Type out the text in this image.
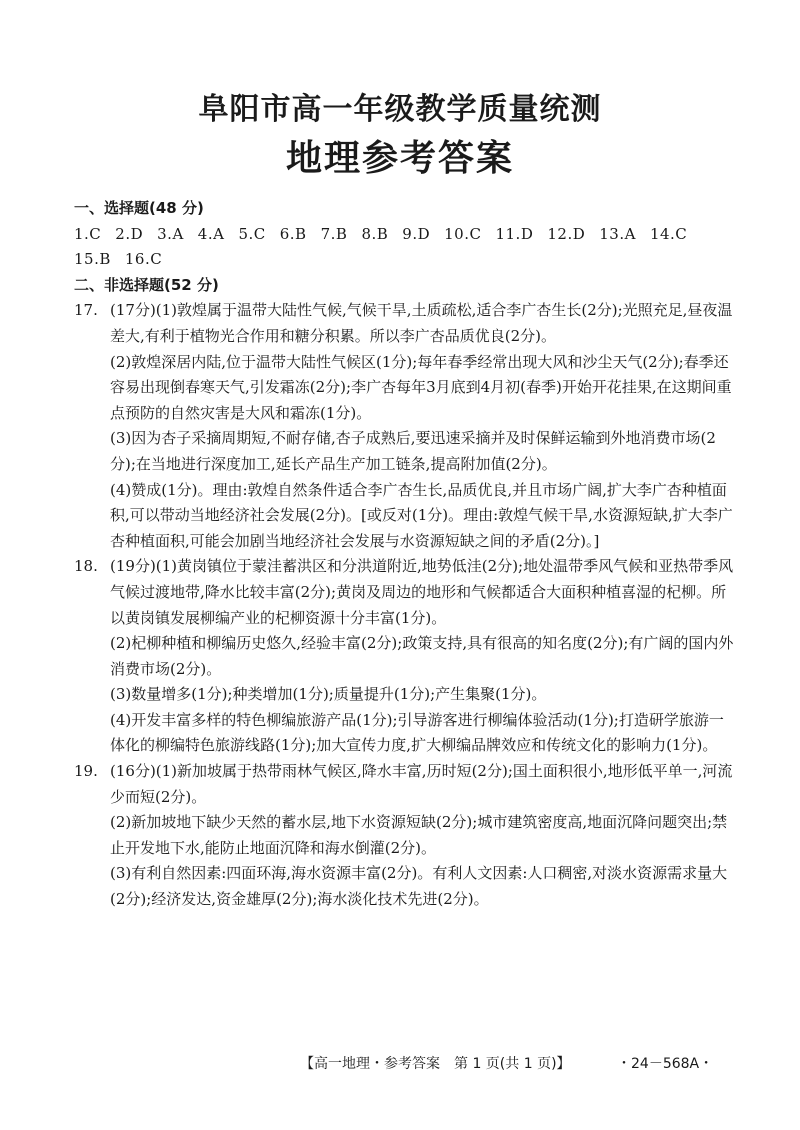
阜阳市高一年级教学质量统测
地理参考答案
一、选择题(48 分)
1.C 2.D 3.A 4.A 5.C 6.B 7.B 8.B 9.D 10.C 11.D 12.D 13.A 14.C
15.B 16.C
二、非选择题(52 分)
17. (17分)(1)敦煌属于温带大陆性气候,气候干旱,土质疏松,适合李广杏生长(2分);光照充足,昼夜温差大,有利于植物光合作用和糖分积累。所以李广杏品质优良(2分)。
(2)敦煌深居内陆,位于温带大陆性气候区(1分);每年春季经常出现大风和沙尘天气(2分);春季还容易出现倒春寒天气,引发霜冻(2分);李广杏每年3月底到4月初(春季)开始开花挂果,在这期间重点预防的自然灾害是大风和霜冻(1分)。
(3)因为杏子采摘周期短,不耐存储,杏子成熟后,要迅速采摘并及时保鲜运输到外地消费市场(2分);在当地进行深度加工,延长产品生产加工链条,提高附加值(2分)。
(4)赞成(1分)。理由:敦煌自然条件适合李广杏生长,品质优良,并且市场广阔,扩大李广杏种植面积,可以带动当地经济社会发展(2分)。[或反对(1分)。理由:敦煌气候干旱,水资源短缺,扩大李广杏种植面积,可能会加剧当地经济社会发展与水资源短缺之间的矛盾(2分)。]
18. (19分)(1)黄岗镇位于蒙洼蓄洪区和分洪道附近,地势低洼(2分);地处温带季风气候和亚热带季风气候过渡地带,降水比较丰富(2分);黄岗及周边的地形和气候都适合大面积种植喜湿的杞柳。所以黄岗镇发展柳编产业的杞柳资源十分丰富(1分)。
(2)杞柳种植和柳编历史悠久,经验丰富(2分);政策支持,具有很高的知名度(2分);有广阔的国内外消费市场(2分)。
(3)数量增多(1分);种类增加(1分);质量提升(1分);产生集聚(1分)。
(4)开发丰富多样的特色柳编旅游产品(1分);引导游客进行柳编体验活动(1分);打造研学旅游一体化的柳编特色旅游线路(1分);加大宣传力度,扩大柳编品牌效应和传统文化的影响力(1分)。
19. (16分)(1)新加坡属于热带雨林气候区,降水丰富,历时短(2分);国土面积很小,地形低平单一,河流少而短(2分)。
(2)新加坡地下缺少天然的蓄水层,地下水资源短缺(2分);城市建筑密度高,地面沉降问题突出;禁止开发地下水,能防止地面沉降和海水倒灌(2分)。
(3)有利自然因素:四面环海,海水资源丰富(2分)。有利人文因素:人口稠密,对淡水资源需求量大(2分);经济发达,资金雄厚(2分);海水淡化技术先进(2分)。
【高一地理・参考答案　第 1 页(共 1 页)】	・24－568A・
